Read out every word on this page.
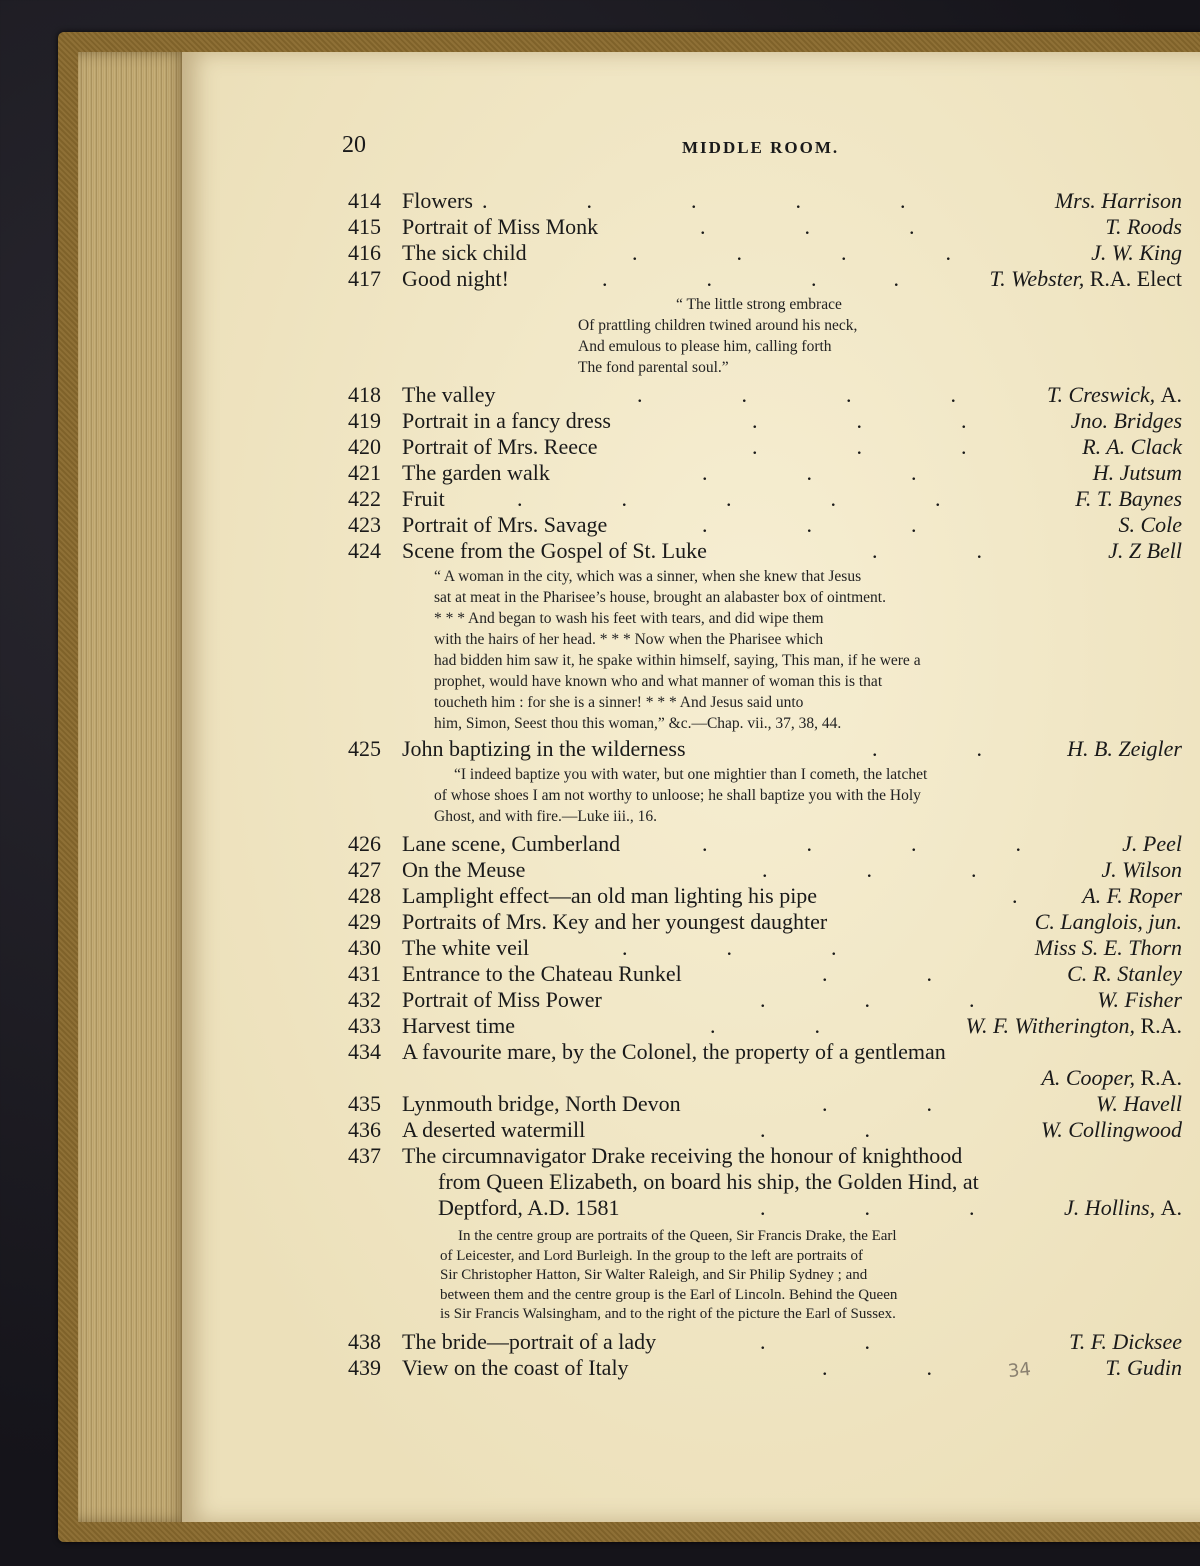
20	MIDDLE ROOM.
414 Flowers .     .     .     .     .	Mrs. Harrison
415 Portrait of Miss Monk	.     .     .	T. Roods
416 The sick child	.     .     .     .	J. W. King
417 Good night!	.     .     .    .	T. Webster, R.A. Elect

“ The little strong embrace

Of prattling children twined around his neck,

And emulous to please him, calling forth

The fond parental soul.”

418 The valley	.     .     .     .	T. Creswick, A.
419 Portrait in a fancy dress	.     .     .	Jno. Bridges
420 Portrait of Mrs. Reece	.     .     .	R. A. Clack
421 The garden walk	.     .     .	H. Jutsum
422 Fruit	.     .     .     .     .	F. T. Baynes
423 Portrait of Mrs. Savage	.     .     .	S. Cole
424 Scene from the Gospel of St. Luke	.     .	J. Z Bell

“ A woman in the city, which was a sinner, when she knew that Jesus

sat at meat in the Pharisee’s house, brought an alabaster box of ointment.

* * * And began to wash his feet with tears, and did wipe them

with the hairs of her head. * * * Now when the Pharisee which

had bidden him saw it, he spake within himself, saying, This man, if he were a

prophet, would have known who and what manner of woman this is that

toucheth him : for she is a sinner! * * * And Jesus said unto

him, Simon, Seest thou this woman,” &c.—Chap. vii., 37, 38, 44.

425 John baptizing in the wilderness	.     .	H. B. Zeigler

“I indeed baptize you with water, but one mightier than I cometh, the latchet

of whose shoes I am not worthy to unloose; he shall baptize you with the Holy

Ghost, and with fire.—Luke iii., 16.

426 Lane scene, Cumberland	.     .     .     .	J. Peel
427 On the Meuse	.     .     .	J. Wilson
428 Lamplight effect—an old man lighting his pipe	.	A. F. Roper
429 Portraits of Mrs. Key and her youngest daughter	C. Langlois, jun.
430 The white veil	.     .     .	Miss S. E. Thorn
431 Entrance to the Chateau Runkel	.     .	C. R. Stanley
432 Portrait of Miss Power	.     .     .	W. Fisher
433 Harvest time	.     .	W. F. Witherington, R.A.
434 A favourite mare, by the Colonel, the property of a gentleman
A. Cooper, R.A.
435 Lynmouth bridge, North Devon	.     .	W. Havell
436 A deserted watermill	.     .	W. Collingwood
437 The circumnavigator Drake receiving the honour of knighthood
from Queen Elizabeth, on board his ship, the Golden Hind, at
Deptford, A.D. 1581	.     .     .	J. Hollins, A.

In the centre group are portraits of the Queen, Sir Francis Drake, the Earl

of Leicester, and Lord Burleigh. In the group to the left are portraits of

Sir Christopher Hatton, Sir Walter Raleigh, and Sir Philip Sydney ; and

between them and the centre group is the Earl of Lincoln. Behind the Queen

is Sir Francis Walsingham, and to the right of the picture the Earl of Sussex.

438 The bride—portrait of a lady	.     .	T. F. Dicksee
439 View on the coast of Italy	.     .	T. Gudin
34
